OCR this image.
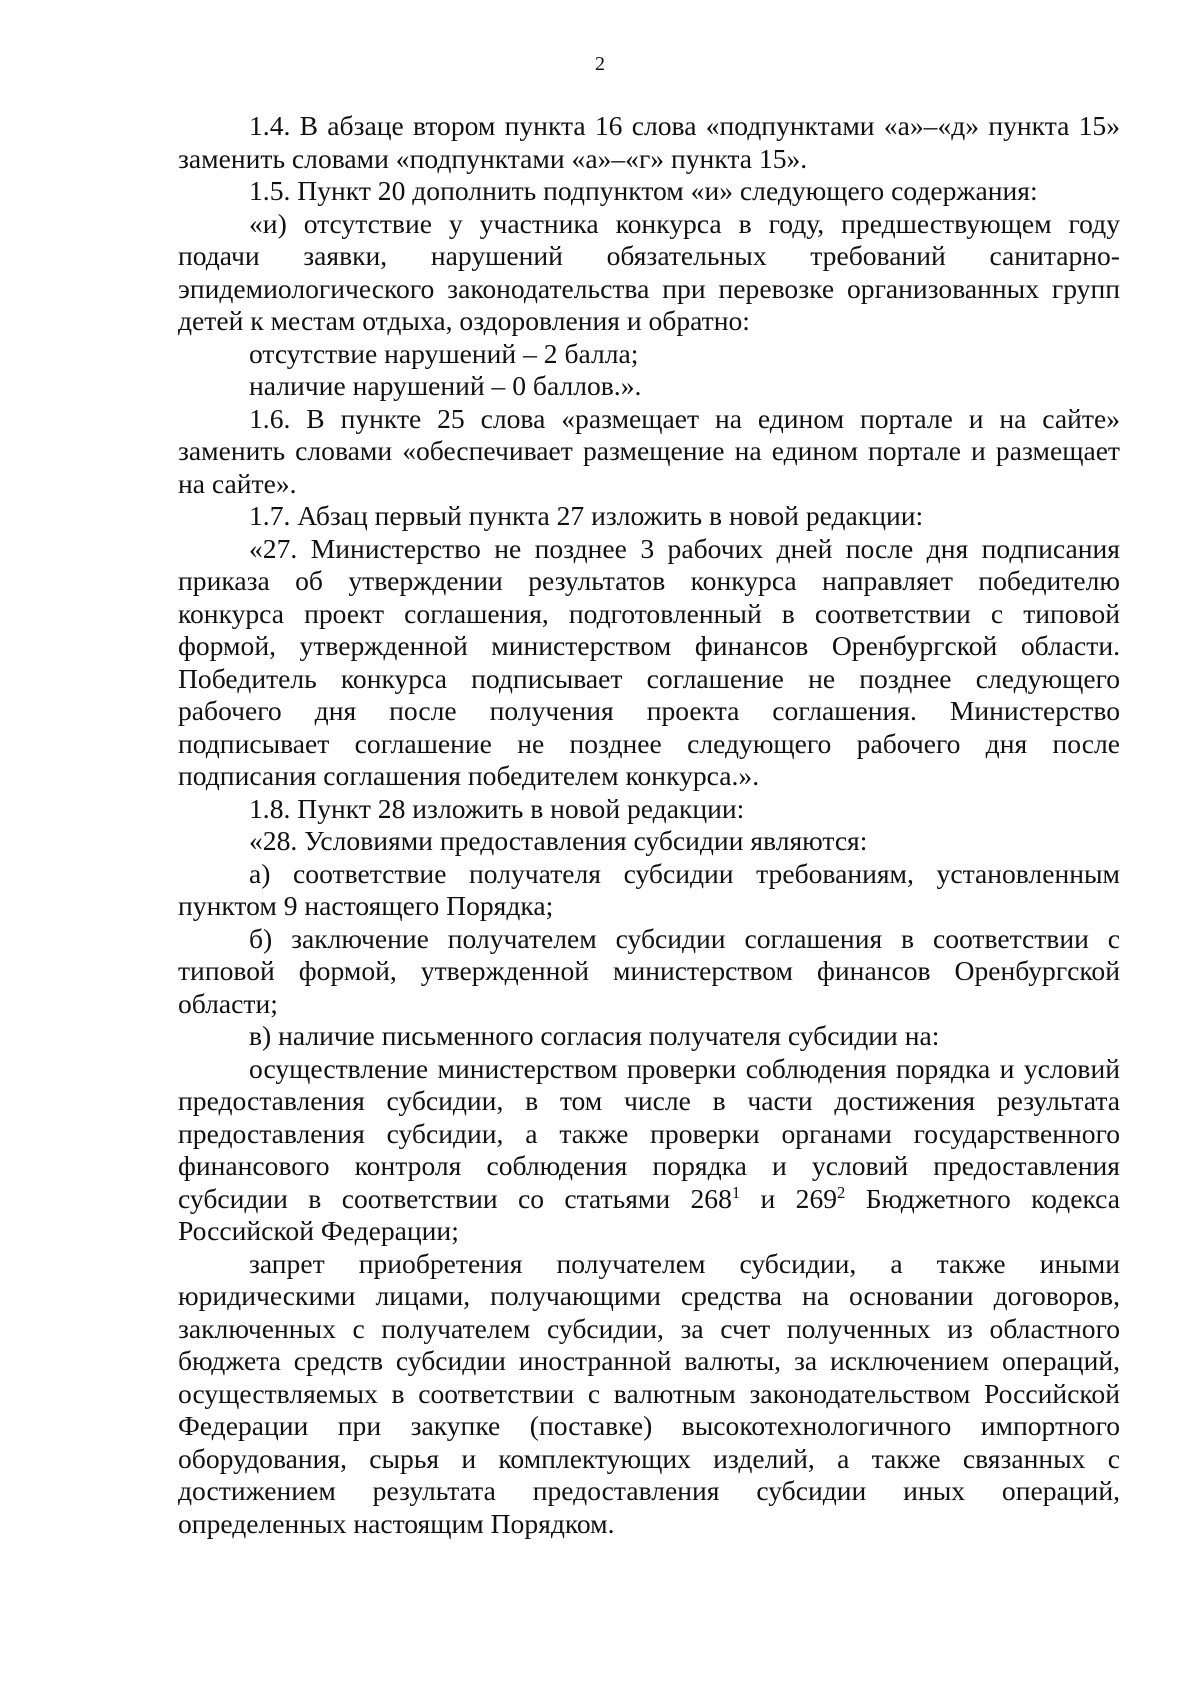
2

1.4. В абзаце втором пункта 16 слова «подпунктами «а»–«д» пункта 15» заменить словами «подпунктами «а»–«г» пункта 15».

1.5. Пункт 20 дополнить подпунктом «и» следующего содержания:

«и) отсутствие у участника конкурса в году, предшествующем году подачи заявки, нарушений обязательных требований санитарно-эпидемиологического законодательства при перевозке организованных групп детей к местам отдыха, оздоровления и обратно:

отсутствие нарушений – 2 балла;

наличие нарушений – 0 баллов.».

1.6. В пункте 25 слова «размещает на едином портале и на сайте» заменить словами «обеспечивает размещение на едином портале и размещает на сайте».

1.7. Абзац первый пункта 27 изложить в новой редакции:

«27. Министерство не позднее 3 рабочих дней после дня подписания приказа об утверждении результатов конкурса направляет победителю конкурса проект соглашения, подготовленный в соответствии с типовой формой, утвержденной министерством финансов Оренбургской области. Победитель конкурса подписывает соглашение не позднее следующего рабочего дня после получения проекта соглашения. Министерство подписывает соглашение не позднее следующего рабочего дня после подписания соглашения победителем конкурса.».

1.8. Пункт 28 изложить в новой редакции:

«28. Условиями предоставления субсидии являются:

а) соответствие получателя субсидии требованиям, установленным пунктом 9 настоящего Порядка;

б) заключение получателем субсидии соглашения в соответствии с типовой формой, утвержденной министерством финансов Оренбургской области;

в) наличие письменного согласия получателя субсидии на:

осуществление министерством проверки соблюдения порядка и условий предоставления субсидии, в том числе в части достижения результата предоставления субсидии, а также проверки органами государственного финансового контроля соблюдения порядка и условий предоставления субсидии в соответствии со статьями $268^1$ и $269^2$ Бюджетного кодекса Российской Федерации;

запрет приобретения получателем субсидии, а также иными юридическими лицами, получающими средства на основании договоров, заключенных с получателем субсидии, за счет полученных из областного бюджета средств субсидии иностранной валюты, за исключением операций, осуществляемых в соответствии с валютным законодательством Российской Федерации при закупке (поставке) высокотехнологичного импортного оборудования, сырья и комплектующих изделий, а также связанных с достижением результата предоставления субсидии иных операций, определенных настоящим Порядком.
